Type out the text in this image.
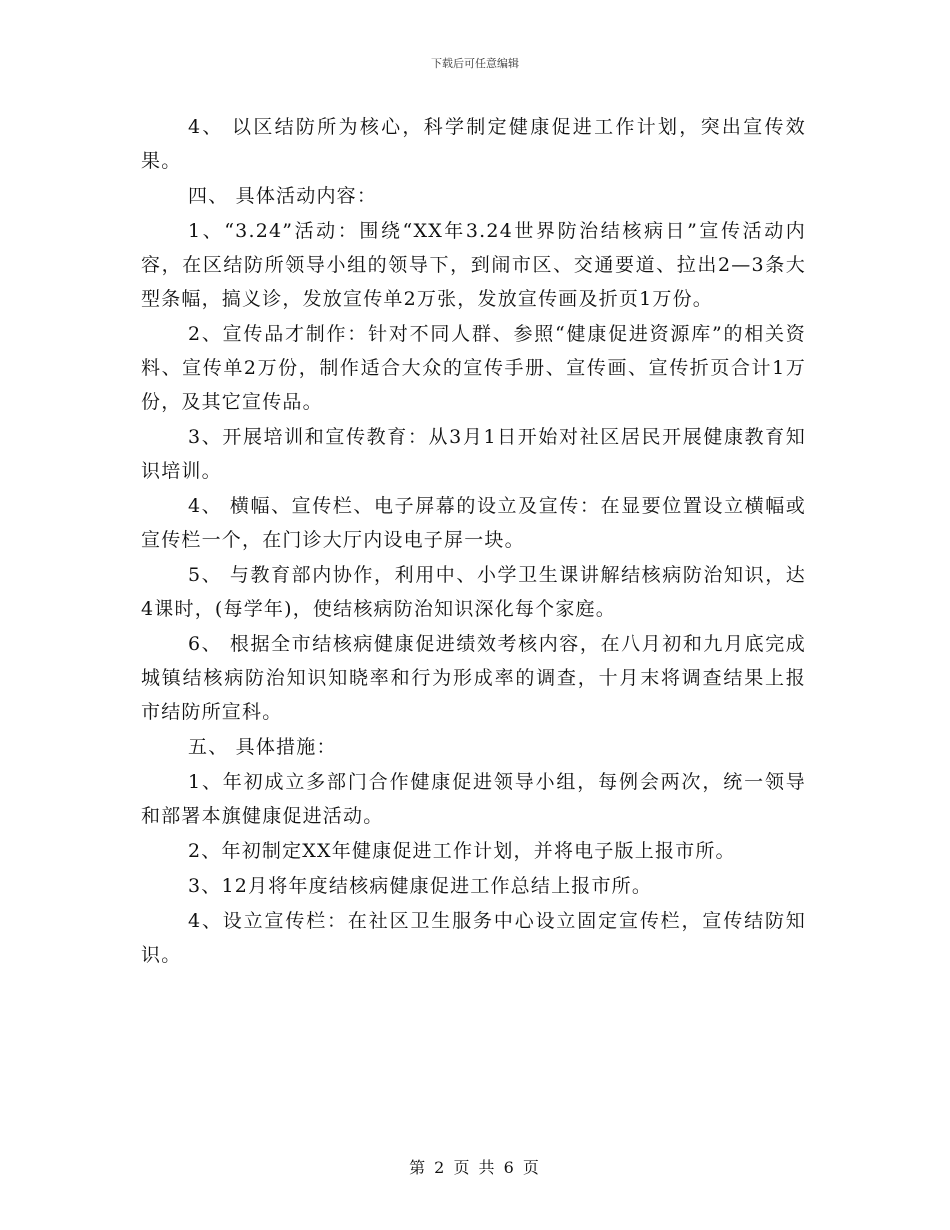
下载后可任意编辑

4、 以区结防所为核心，科学制定健康促进工作计划，突出宣传效果。

四、 具体活动内容：

1、“3.24”活动：围绕“XX年3.24世界防治结核病日”宣传活动内容，在区结防所领导小组的领导下，到闹市区、交通要道、拉出2—3条大型条幅，搞义诊，发放宣传单2万张，发放宣传画及折页1万份。

2、宣传品才制作：针对不同人群、参照“健康促进资源库”的相关资料、宣传单2万份，制作适合大众的宣传手册、宣传画、宣传折页合计1万份，及其它宣传品。

3、开展培训和宣传教育：从3月1日开始对社区居民开展健康教育知识培训。

4、 横幅、宣传栏、电子屏幕的设立及宣传：在显要位置设立横幅或宣传栏一个，在门诊大厅内设电子屏一块。

5、 与教育部内协作，利用中、小学卫生课讲解结核病防治知识，达4课时，(每学年)，使结核病防治知识深化每个家庭。

6、 根据全市结核病健康促进绩效考核内容，在八月初和九月底完成城镇结核病防治知识知晓率和行为形成率的调查，十月末将调查结果上报市结防所宣科。

五、 具体措施：

1、年初成立多部门合作健康促进领导小组，每例会两次，统一领导和部署本旗健康促进活动。

2、年初制定XX年健康促进工作计划，并将电子版上报市所。

3、12月将年度结核病健康促进工作总结上报市所。

4、设立宣传栏：在社区卫生服务中心设立固定宣传栏，宣传结防知识。

第 2 页 共 6 页
